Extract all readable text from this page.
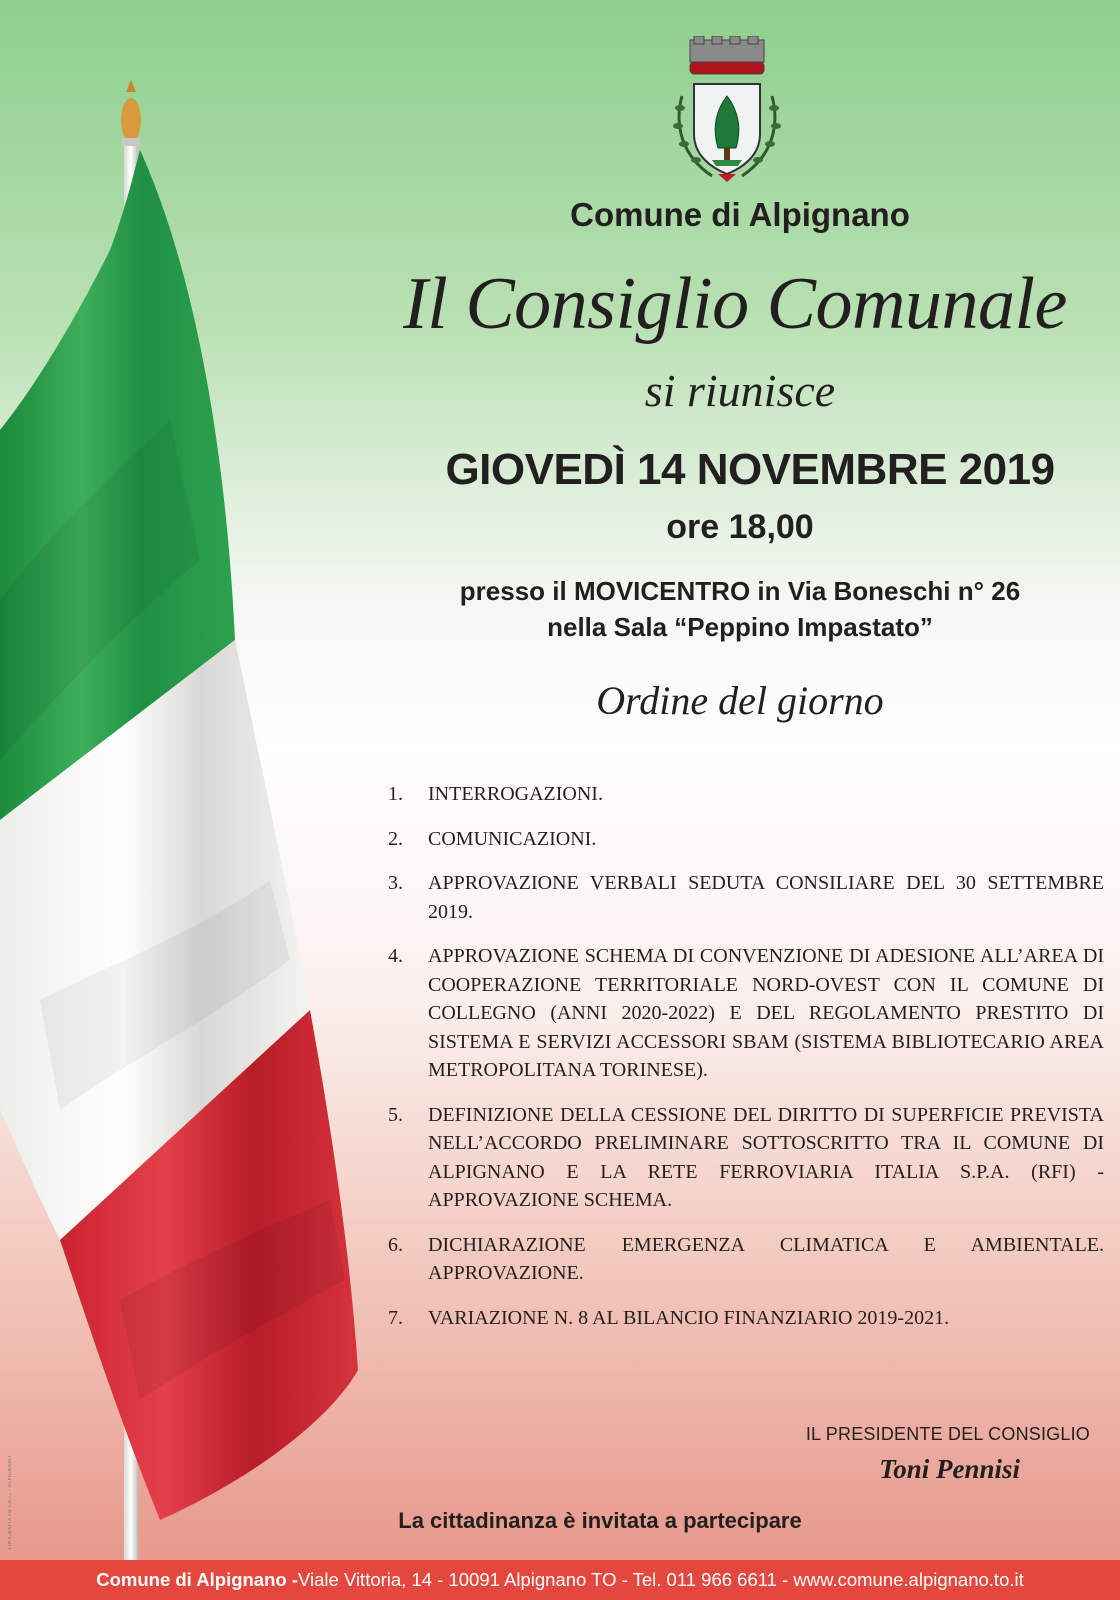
TIPOGRAFIA FB S.N.C. - ALPIGNANO
Comune di Alpignano
Il Consiglio Comunale
si riunisce
GIOVEDÌ 14 NOVEMBRE 2019
ore 18,00
presso il MOVICENTRO in Via Boneschi n° 26
nella Sala “Peppino Impastato”
Ordine del giorno
1.	INTERROGAZIONI.
2.	COMUNICAZIONI.
3.	APPROVAZIONE VERBALI SEDUTA CONSILIARE DEL 30 SETTEMBRE 2019.
4.	APPROVAZIONE SCHEMA DI CONVENZIONE DI ADESIONE ALL’AREA DI COOPERAZIONE TERRITORIALE NORD-OVEST CON IL COMUNE DI COLLEGNO (ANNI 2020-2022) E DEL REGOLAMENTO PRESTITO DI SISTEMA E SERVIZI ACCESSORI SBAM (SISTEMA BIBLIOTECARIO AREA METROPOLITANA TORINESE).
5.	DEFINIZIONE DELLA CESSIONE DEL DIRITTO DI SUPERFICIE PREVISTA NELL’ACCORDO PRELIMINARE SOTTOSCRITTO TRA IL COMUNE DI ALPIGNANO E LA RETE FERROVIARIA ITALIA S.P.A. (RFI) - APPROVAZIONE SCHEMA.
6.	DICHIARAZIONE EMERGENZA CLIMATICA E AMBIENTALE. APPROVAZIONE.
7.	VARIAZIONE N. 8 AL BILANCIO FINANZIARIO 2019-2021.
IL PRESIDENTE DEL CONSIGLIO
Toni Pennisi
La cittadinanza è invitata a partecipare
Comune di Alpignano - Viale Vittoria, 14 - 10091 Alpignano TO - Tel. 011 966 6611 - www.comune.alpignano.to.it
